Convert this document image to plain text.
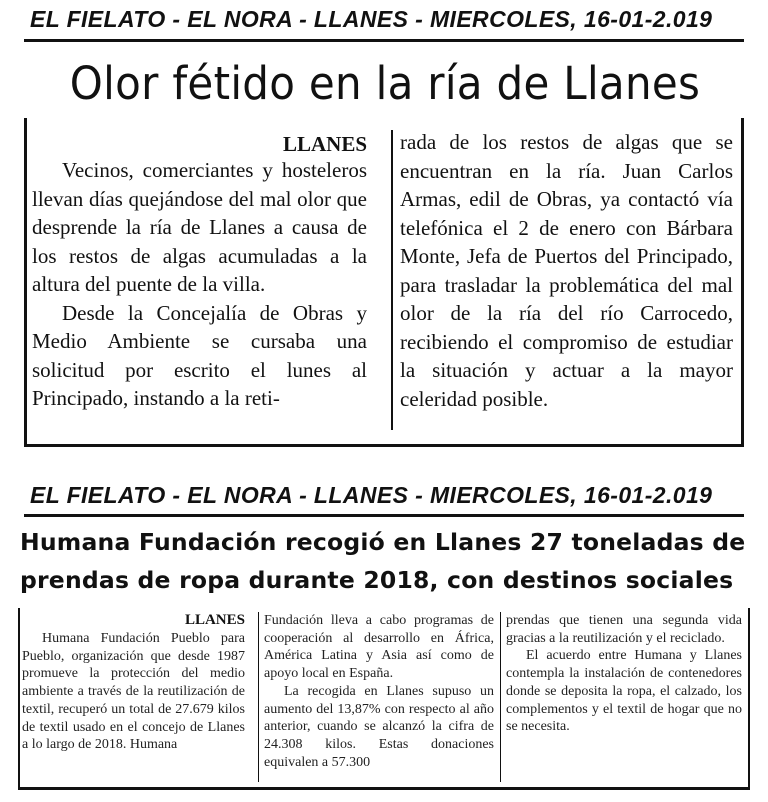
EL FIELATO - EL NORA - LLANES - MIERCOLES, 16-01-2.019
Olor fétido en la ría de Llanes
LLANES

Vecinos, comerciantes y hosteleros llevan días quejándose del mal olor que desprende la ría de Llanes a causa de los restos de algas acumuladas a la altura del puente de la villa.

Desde la Concejalía de Obras y Medio Ambiente se cursaba una solicitud por escrito el lunes al Principado, instando a la reti-

rada de los restos de algas que se encuentran en la ría. Juan Carlos Armas, edil de Obras, ya contactó vía telefónica el 2 de enero con Bárbara Monte, Jefa de Puertos del Principado, para trasladar la problemática del mal olor de la ría del río Carrocedo, recibiendo el compromiso de estudiar la situación y actuar a la mayor celeridad posible.

EL FIELATO - EL NORA - LLANES - MIERCOLES, 16-01-2.019
Humana Fundación recogió en Llanes 27 toneladas de prendas de ropa durante 2018, con destinos sociales
LLANES

Humana Fundación Pueblo para Pueblo, organización que desde 1987 promueve la protección del medio ambiente a través de la reutilización de textil, recuperó un total de 27.679 kilos de textil usado en el concejo de Llanes a lo largo de 2018. Humana

Fundación lleva a cabo programas de cooperación al desarrollo en África, América Latina y Asia así como de apoyo local en España.

La recogida en Llanes supuso un aumento del 13,87% con respecto al año anterior, cuando se alcanzó la cifra de 24.308 kilos. Estas donaciones equivalen a 57.300

prendas que tienen una segunda vida gracias a la reutilización y el reciclado.

El acuerdo entre Humana y Llanes contempla la instalación de contenedores donde se deposita la ropa, el calzado, los complementos y el textil de hogar que no se necesita.
